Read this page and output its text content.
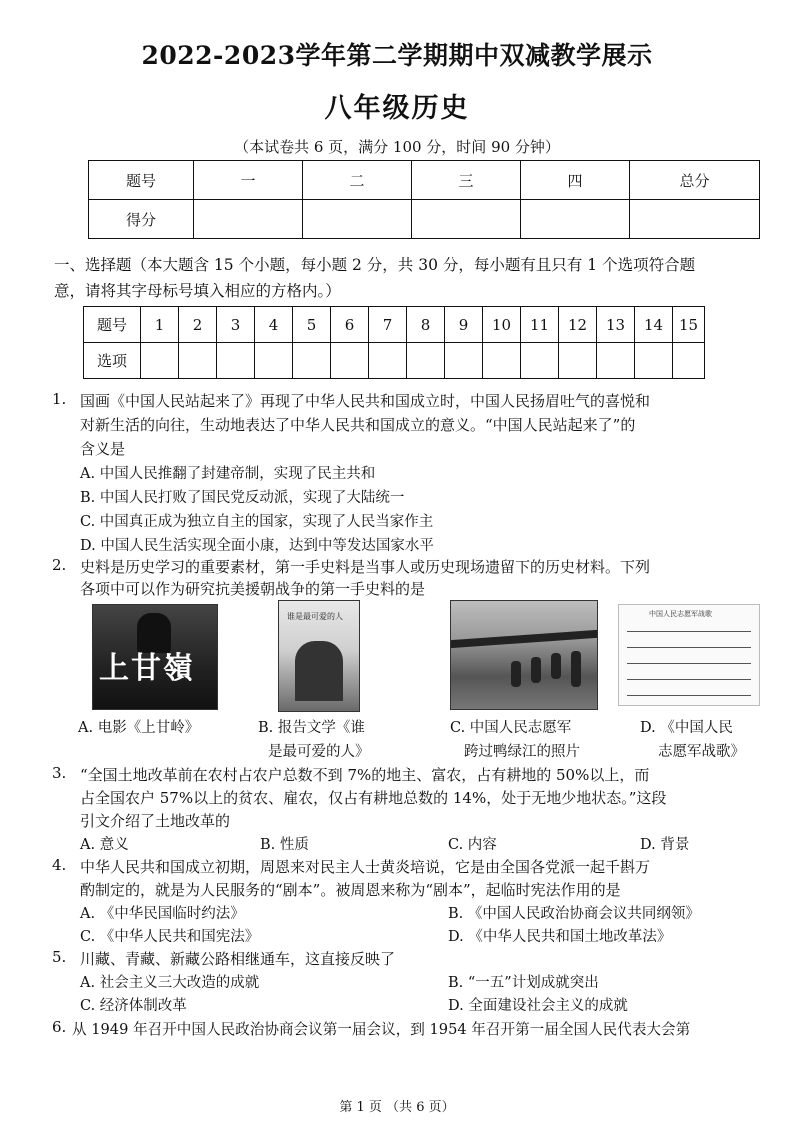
2022-2023学年第二学期期中双减教学展示
八年级历史
（本试卷共 6 页，满分 100 分，时间 90 分钟）
题号	一	二	三	四	总分
得分					
一、选择题（本大题含 15 个小题，每小题 2 分，共 30 分，每小题有且只有 1 个选项符合题
意，请将其字母标号填入相应的方格内。）
题号	1	2	3	4	5	6	7	8	9	10	11	12	13	14	15
选项															
1. 国画《中国人民站起来了》再现了中华人民共和国成立时，中国人民扬眉吐气的喜悦和
对新生活的向往，生动地表达了中华人民共和国成立的意义。“中国人民站起来了”的
含义是
A. 中国人民推翻了封建帝制，实现了民主共和
B. 中国人民打败了国民党反动派，实现了大陆统一
C. 中国真正成为独立自主的国家，实现了人民当家作主
D. 中国人民生活实现全面小康，达到中等发达国家水平
2. 史料是历史学习的重要素材，第一手史料是当事人或历史现场遗留下的历史材料。下列
各项中可以作为研究抗美援朝战争的第一手史料的是
上甘嶺
谁是最可爱的人	中国人民志愿军战歌
A. 电影《上甘岭》	B. 报告文学《谁
是最可爱的人》
C. 中国人民志愿军
跨过鸭绿江的照片
D. 《中国人民
志愿军战歌》
3. “全国土地改革前在农村占农户总数不到 7%的地主、富农，占有耕地的 50%以上，而
占全国农户 57%以上的贫农、雇农，仅占有耕地总数的 14%，处于无地少地状态。”这段
引文介绍了土地改革的
A. 意义	B. 性质	C. 内容	D. 背景
4. 中华人民共和国成立初期，周恩来对民主人士黄炎培说，它是由全国各党派一起千斟万
酌制定的，就是为人民服务的“剧本”。被周恩来称为“剧本”，起临时宪法作用的是
A. 《中华民国临时约法》	B. 《中国人民政治协商会议共同纲领》
C. 《中华人民共和国宪法》	D. 《中华人民共和国土地改革法》
5. 川藏、青藏、新藏公路相继通车，这直接反映了
A. 社会主义三大改造的成就	B. “一五”计划成就突出
C. 经济体制改革	D. 全面建设社会主义的成就
6. 从 1949 年召开中国人民政治协商会议第一届会议，到 1954 年召开第一届全国人民代表大会第
第 1 页 （共 6 页）
